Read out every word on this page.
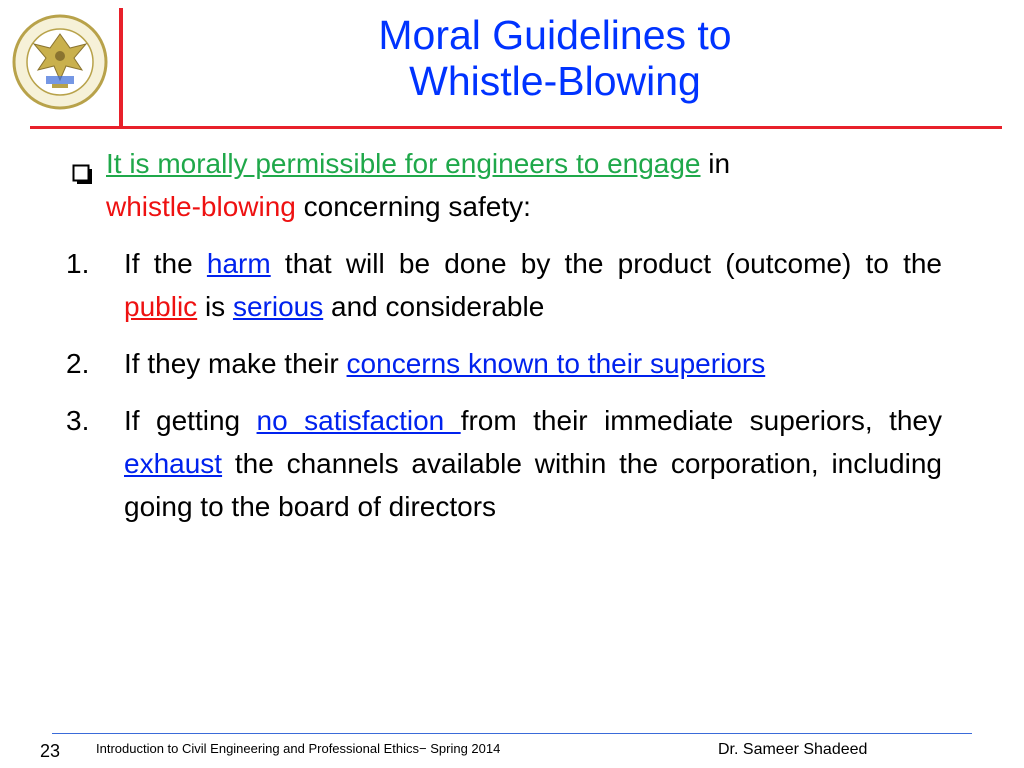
Moral Guidelines to
Whistle-Blowing

It is morally permissible for engineers to engage in
whistle-blowing concerning safety:

1. If the harm that will be done by the product (outcome) to the public is serious and considerable
2. If they make their concerns known to their superiors
3. If getting no satisfaction from their immediate superiors, they exhaust the channels available within the corporation, including going to the board of directors
23	Introduction to Civil Engineering and Professional Ethics− Spring 2014	Dr. Sameer Shadeed
